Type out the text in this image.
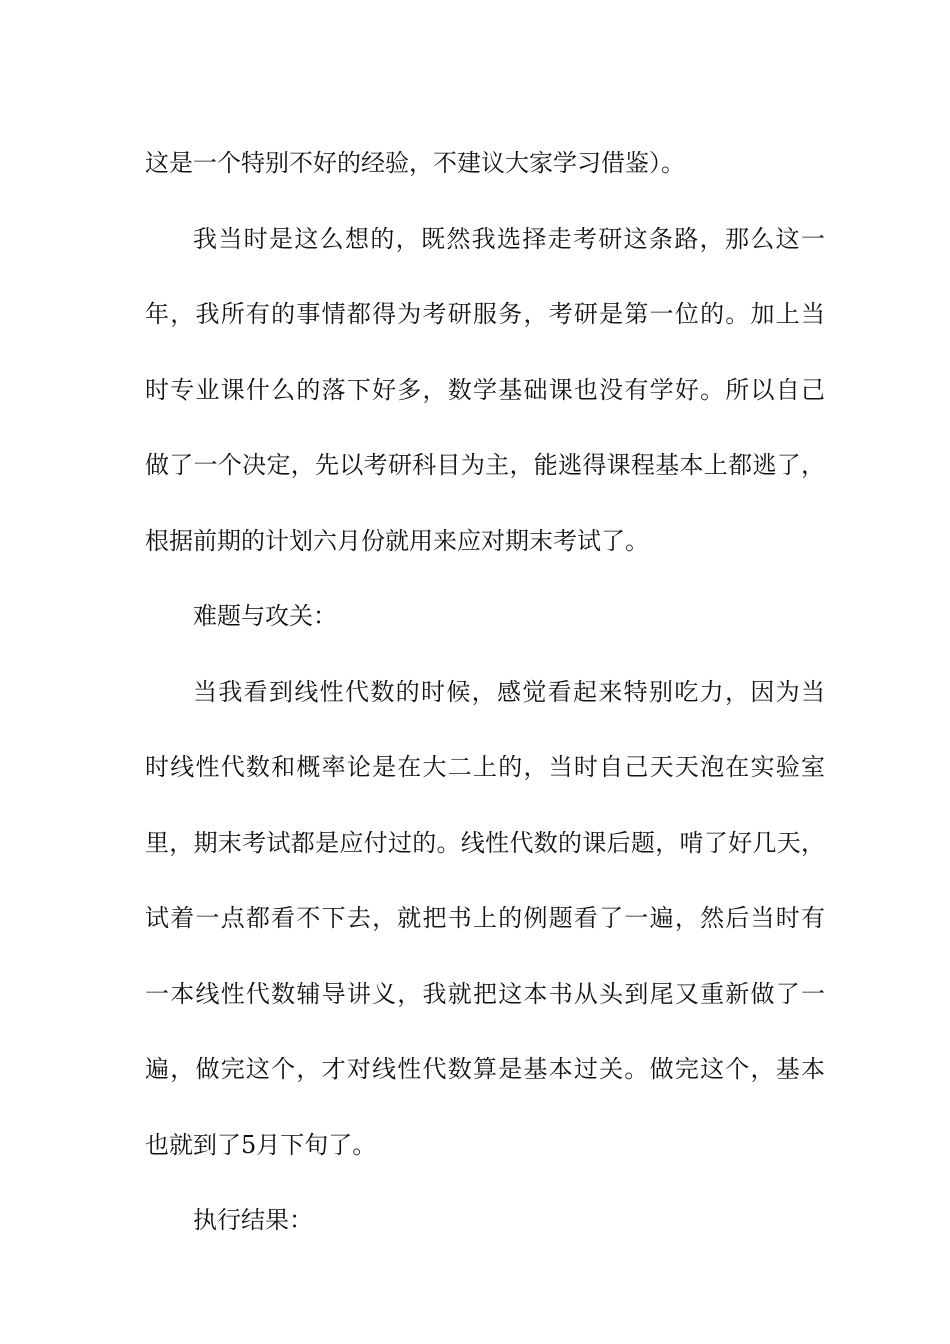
这是一个特别不好的经验，不建议大家学习借鉴）。
我当时是这么想的，既然我选择走考研这条路，那么这一
年，我所有的事情都得为考研服务，考研是第一位的。加上当
时专业课什么的落下好多，数学基础课也没有学好。所以自己
做了一个决定，先以考研科目为主，能逃得课程基本上都逃了，
根据前期的计划六月份就用来应对期末考试了。
难题与攻关：
当我看到线性代数的时候，感觉看起来特别吃力，因为当
时线性代数和概率论是在大二上的，当时自己天天泡在实验室
里，期末考试都是应付过的。线性代数的课后题，啃了好几天，
试着一点都看不下去，就把书上的例题看了一遍，然后当时有
一本线性代数辅导讲义，我就把这本书从头到尾又重新做了一
遍，做完这个，才对线性代数算是基本过关。做完这个，基本
也就到了5月下旬了。
执行结果：
